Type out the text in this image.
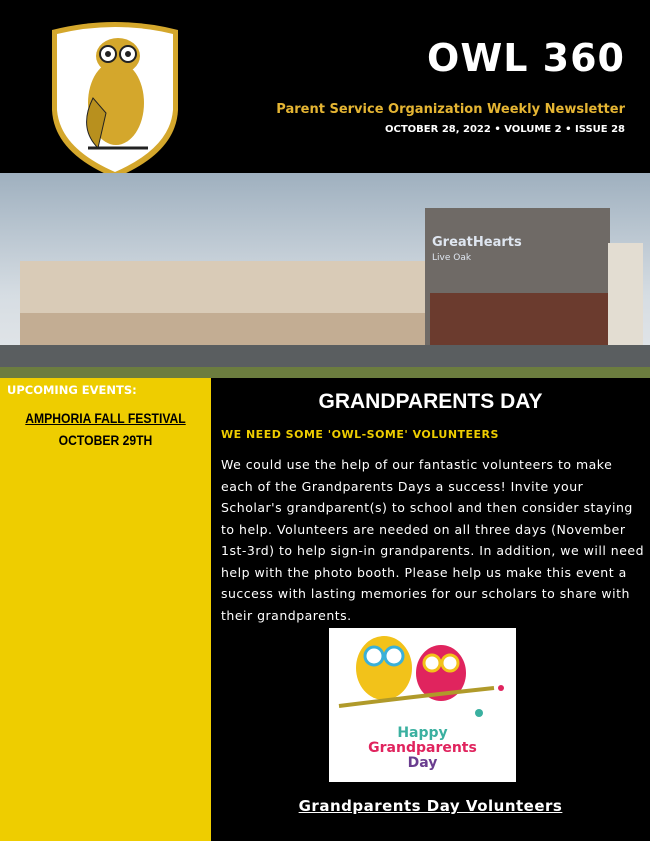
OWL 360
Parent Service Organization Weekly Newsletter
OCTOBER 28, 2022 • VOLUME 2 • ISSUE 28
GreatHearts
Live Oak
UPCOMING EVENTS:
AMPHORIA FALL FESTIVAL
OCTOBER 29TH
GRANDPARENTS DAY
WE NEED SOME 'OWL-SOME' VOLUNTEERS
We could use the help of our fantastic volunteers to make each of the Grandparents Days a success! Invite your Scholar's grandparent(s) to school and then consider staying to help. Volunteers are needed on all three days (November 1st-3rd) to help sign-in grandparents. In addition, we will need help with the photo booth. Please help us make this event a success with lasting memories for our scholars to share with their grandparents.
Happy
Grandparents
Day
Grandparents Day Volunteers
